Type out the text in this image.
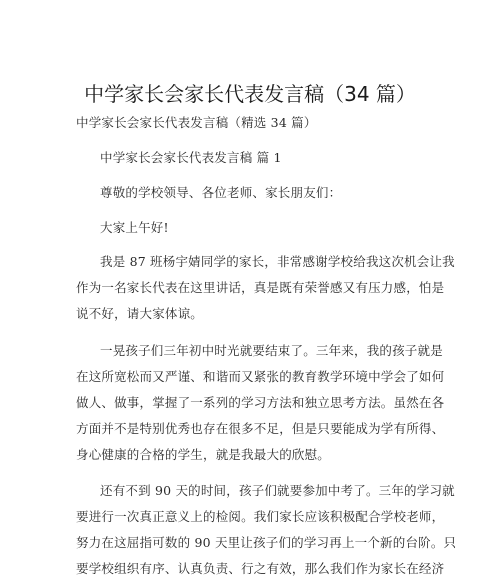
中学家长会家长代表发言稿（34 篇）
中学家长会家长代表发言稿（精选 34 篇）
中学家长会家长代表发言稿 篇 1
尊敬的学校领导、各位老师、家长朋友们：
大家上午好!
我是 87 班杨宇婧同学的家长，非常感谢学校给我这次机会让我
作为一名家长代表在这里讲话，真是既有荣誉感又有压力感，怕是
说不好，请大家体谅。
一晃孩子们三年初中时光就要结束了。三年来，我的孩子就是
在这所宽松而又严谨、和谐而又紧张的教育教学环境中学会了如何
做人、做事，掌握了一系列的学习方法和独立思考方法。虽然在各
方面并不是特别优秀也存在很多不足，但是只要能成为学有所得、
身心健康的合格的学生，就是我最大的欣慰。
还有不到 90 天的时间，孩子们就要参加中考了。三年的学习就
要进行一次真正意义上的检阅。我们家长应该积极配合学校老师，
努力在这屈指可数的 90 天里让孩子们的学习再上一个新的台阶。只
要学校组织有序、认真负责、行之有效，那么我们作为家长在经济
